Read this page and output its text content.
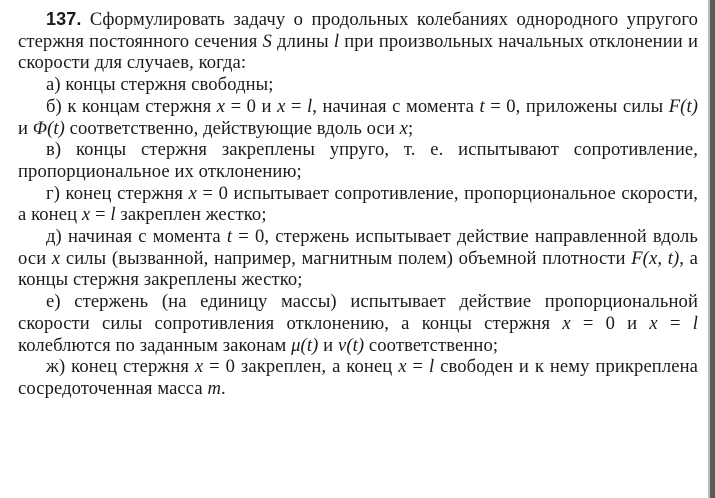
137. Сформулировать задачу о продольных колебаниях однородного упругого стержня постоянного сечения S длины l при произвольных начальных отклонении и скорости для случаев, когда:

а) концы стержня свободны;

б) к концам стержня x = 0 и x = l, начиная с момента t = 0, приложены силы F(t) и Φ(t) соответственно, действующие вдоль оси x;

в) концы стержня закреплены упруго, т. е. испытывают сопротивление, пропорциональное их отклонению;

г) конец стержня x = 0 испытывает сопротивление, пропорциональное скорости, а конец x = l закреплен жестко;

д) начиная с момента t = 0, стержень испытывает действие направленной вдоль оси x силы (вызванной, например, магнитным полем) объемной плотности F(x, t), а концы стержня закреплены жестко;

е) стержень (на единицу массы) испытывает действие пропорциональной скорости силы сопротивления отклонению, а концы стержня x = 0 и x = l колеблются по заданным законам μ(t) и ν(t) соответственно;

ж) конец стержня x = 0 закреплен, а конец x = l свободен и к нему прикреплена сосредоточенная масса m.
